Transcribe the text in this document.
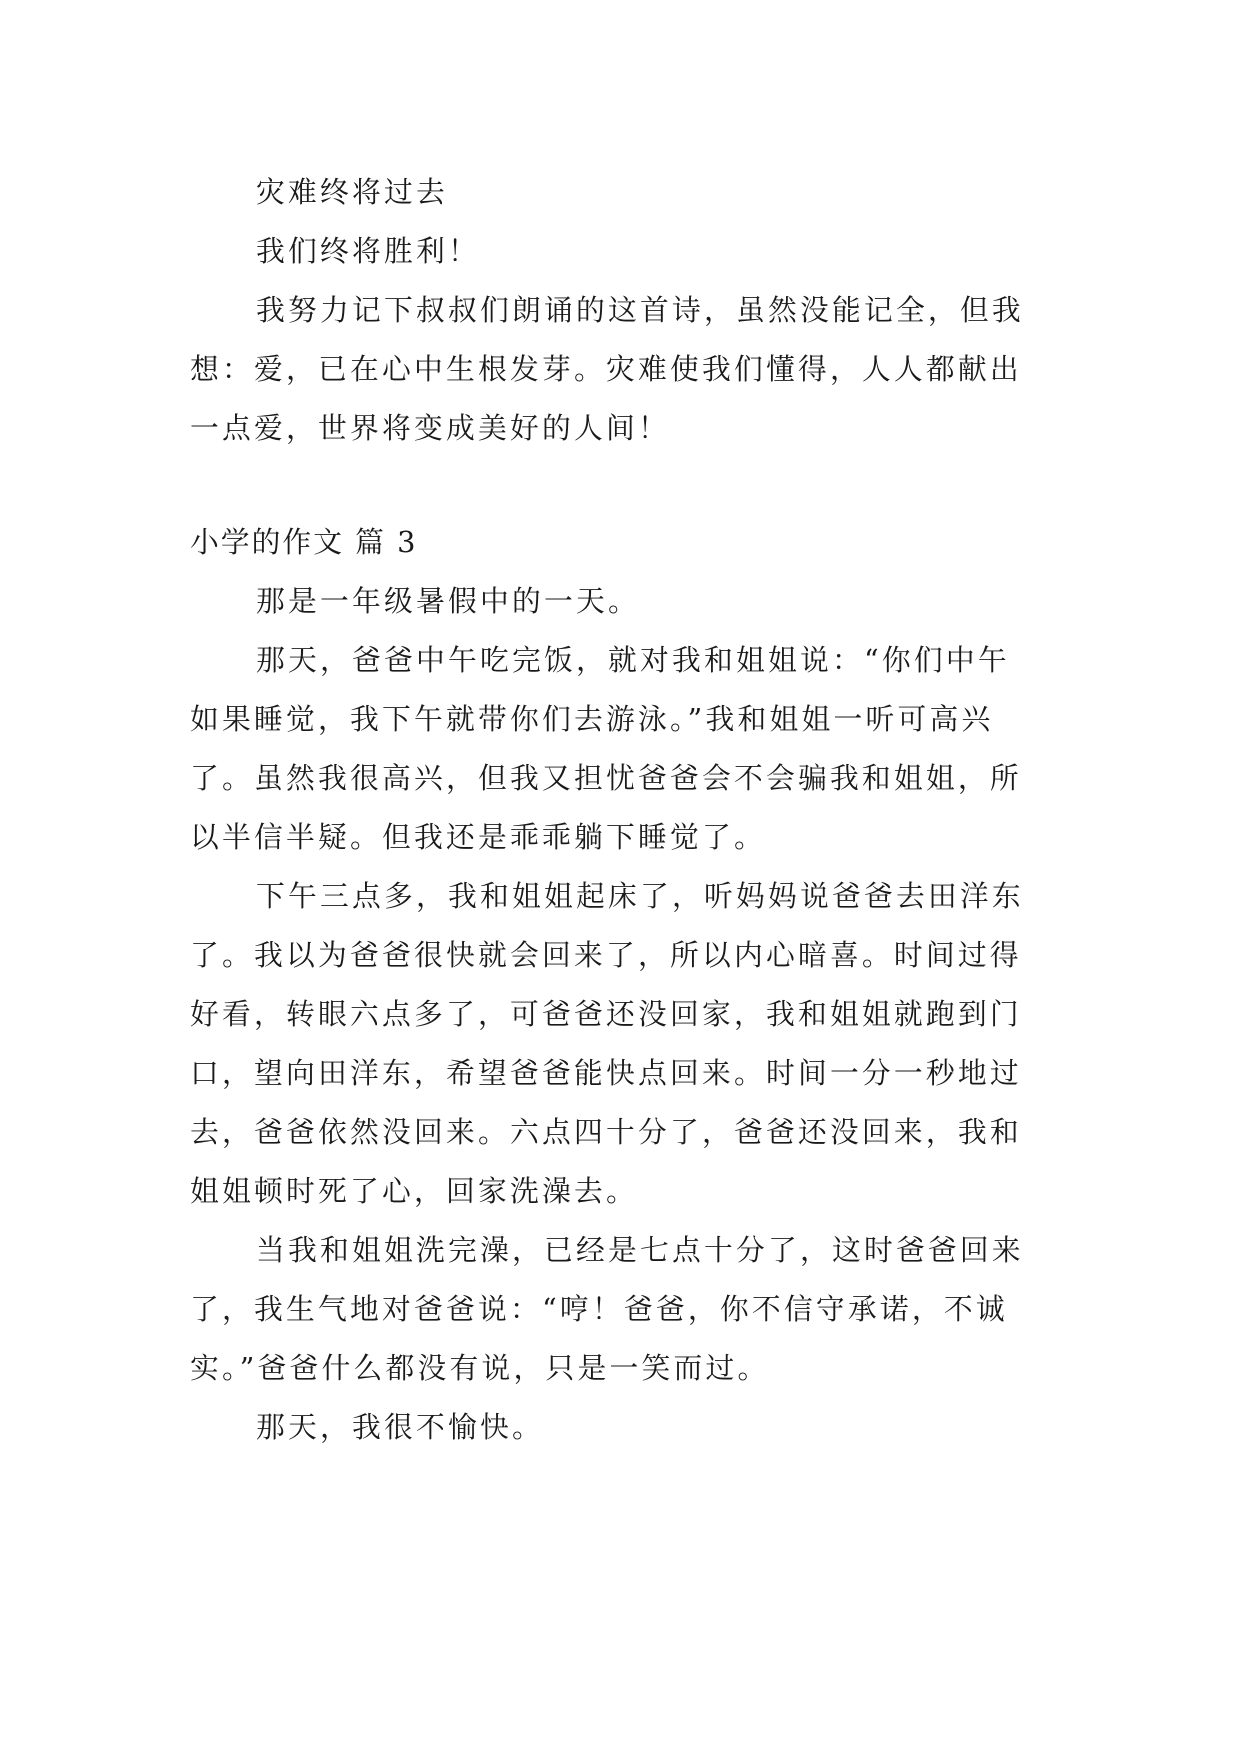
灾难终将过去
我们终将胜利！
我努力记下叔叔们朗诵的这首诗，虽然没能记全，但我
想：爱，已在心中生根发芽。灾难使我们懂得，人人都献出
一点爱，世界将变成美好的人间！
小学的作文 篇 3
那是一年级暑假中的一天。
那天，爸爸中午吃完饭，就对我和姐姐说：“你们中午
如果睡觉，我下午就带你们去游泳。”我和姐姐一听可高兴
了。虽然我很高兴，但我又担忧爸爸会不会骗我和姐姐，所
以半信半疑。但我还是乖乖躺下睡觉了。
下午三点多，我和姐姐起床了，听妈妈说爸爸去田洋东
了。我以为爸爸很快就会回来了，所以内心暗喜。时间过得
好看，转眼六点多了，可爸爸还没回家，我和姐姐就跑到门
口，望向田洋东，希望爸爸能快点回来。时间一分一秒地过
去，爸爸依然没回来。六点四十分了，爸爸还没回来，我和
姐姐顿时死了心，回家洗澡去。
当我和姐姐洗完澡，已经是七点十分了，这时爸爸回来
了，我生气地对爸爸说：“哼！爸爸，你不信守承诺，不诚
实。”爸爸什么都没有说，只是一笑而过。
那天，我很不愉快。
